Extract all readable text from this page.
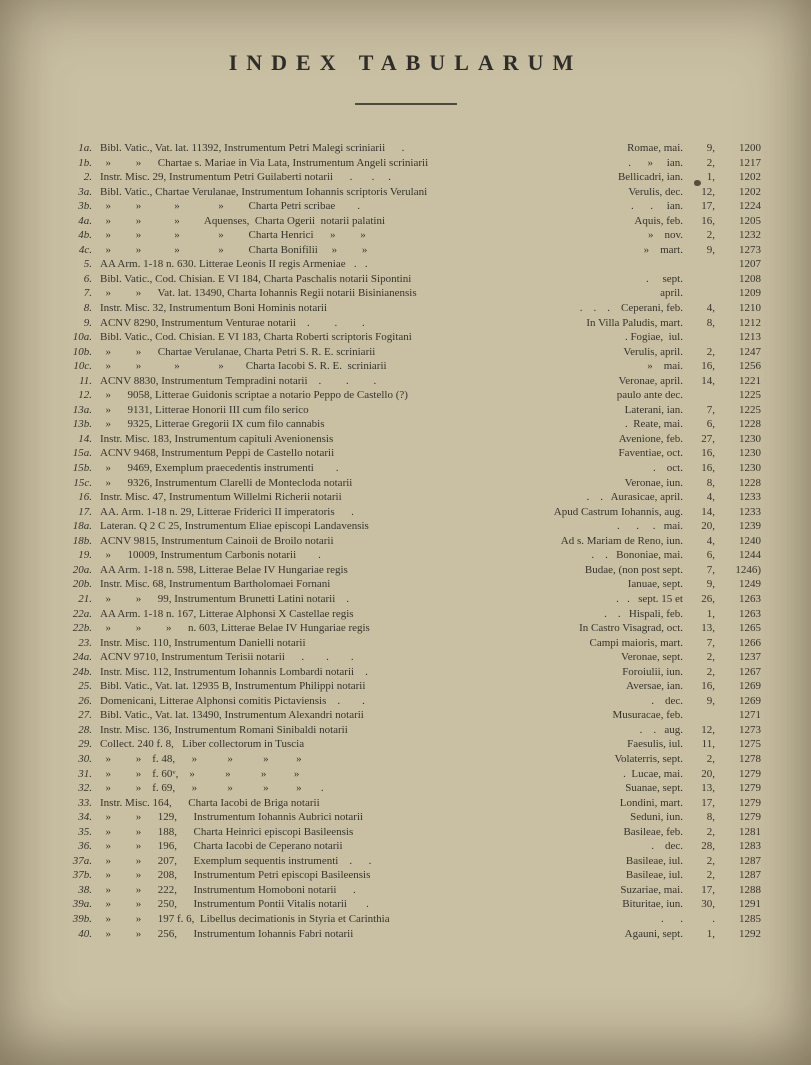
INDEX TABULARUM
1a. Bibl. Vatic., Vat. lat. 11392, Instrumentum Petri Malegi scriniarii      .	Romae, mai.	9,	1200
1b. »         »      Chartae s. Mariae in Via Lata, Instrumentum Angeli scriniarii	.      »     ian.	2,	1217
2. Instr. Misc. 29, Instrumentum Petri Guilaberti notarii      .       .     .	Bellicadri, ian.	1,	1202
3a. Bibl. Vatic., Chartae Verulanae, Instrumentum Iohannis scriptoris Verulani	Verulis, dec.	12,	1202
3b. »         »            »              »         Charta Petri scribae        .	.      .     ian.	17,	1224
4a. »         »            »         Aquenses,  Charta Ogerii  notarii palatini	Aquis, feb.	16,	1205
4b. »         »            »              »         Charta Henrici      »         »	»    nov.	2,	1232
4c. »         »            »              »         Charta Bonifilii     »         »	»    mart.	9,	1273
5. AA Arm. 1-18 n. 630. Litterae Leonis II regis Armeniae   .   .	1207
6. Bibl. Vatic., Cod. Chisian. E VI 184, Charta Paschalis notarii Sipontini	.     sept.	1208
7. »         »      Vat. lat. 13490, Charta Iohannis Regii notarii Bisinianensis	april.	1209
8. Instr. Misc. 32, Instrumentum Boni Hominis notarii	.    .    .    Ceperani, feb.	4,	1210
9. ACNV 8290, Instrumentum Venturae notarii    .         .         .	In Villa Paludis, mart.	8,	1212
10a. Bibl. Vatic., Cod. Chisian. E VI 183, Charta Roberti scriptoris Fogitani	. Fogiae,  iul.	1213
10b. »         »      Chartae Verulanae, Charta Petri S. R. E. scriniarii	Verulis, april.	2,	1247
10c. »         »            »              »        Charta Iacobi S. R. E.  scriniarii	»    mai.	16,	1256
11. ACNV 8830, Instrumentum Tempradini notarii    .         .         .	Veronae, april.	14,	1221
12. »      9058, Litterae Guidonis scriptae a notario Peppo de Castello (?)	paulo ante dec.	1225
13a. »      9131, Litterae Honorii III cum filo serico	Laterani, ian.	7,	1225
13b. »      9325, Litterae Gregorii IX cum filo cannabis	.  Reate, mai.	6,	1228
14. Instr. Misc. 183, Instrumentum capituli Avenionensis	Avenione, feb.	27,	1230
15a. ACNV 9468, Instrumentum Peppi de Castello notarii	Faventiae, oct.	16,	1230
15b. »      9469, Exemplum praecedentis instrumenti        .	.    oct.	16,	1230
15c. »      9326, Instrumentum Clarelli de Montecloda notarii	Veronae, iun.	8,	1228
16. Instr. Misc. 47, Instrumentum Willelmi Richerii notarii	.    .   Aurasicae, april.	4,	1233
17. AA. Arm. 1-18 n. 29, Litterae Friderici II imperatoris      .	Apud Castrum Iohannis, aug.	14,	1233
18a. Lateran. Q 2 C 25, Instrumentum Eliae episcopi Landavensis	.      .     .   mai.	20,	1239
18b. ACNV 9815, Instrumentum Cainoii de Broilo notarii	Ad s. Mariam de Reno, iun.	4,	1240
19. »      10009, Instrumentum Carbonis notarii        .	.    .   Bononiae, mai.	6,	1244
20a. AA Arm. 1-18 n. 598, Litterae Belae IV Hungariae regis	Budae, (non post sept.	7,	1246)
20b. Instr. Misc. 68, Instrumentum Bartholomaei Fornani	Ianuae, sept.	9,	1249
21. »         »      99, Instrumentum Brunetti Latini notarii    .	.   .   sept. 15 et	26,	1263
22a. AA Arm. 1-18 n. 167, Litterae Alphonsi X Castellae regis	.    .   Hispali, feb.	1,	1263
22b. »         »         »      n. 603, Litterae Belae IV Hungariae regis	In Castro Visagrad, oct.	13,	1265
23. Instr. Misc. 110, Instrumentum Danielli notarii	Campi maioris, mart.	7,	1266
24a. ACNV 9710, Instrumentum Terisii notarii      .        .        .	Veronae, sept.	2,	1237
24b. Instr. Misc. 112, Instrumentum Iohannis Lombardi notarii    .	Foroiulii, iun.	2,	1267
25. Bibl. Vatic., Vat. lat. 12935 B, Instrumentum Philippi notarii	Aversae, ian.	16,	1269
26. Domenicani, Litterae Alphonsi comitis Pictaviensis    .        .	.    dec.	9,	1269
27. Bibl. Vatic., Vat. lat. 13490, Instrumentum Alexandri notarii	Musuracae, feb.	1271
28. Instr. Misc. 136, Instrumentum Romani Sinibaldi notarii	.    .   aug.	12,	1273
29. Collect. 240 f. 8,   Liber collectorum in Tuscia	Faesulis, iul.	11,	1275
30. »         »    f. 48,      »           »           »          »	Volaterris, sept.	2,	1278
31. »         »    f. 60ᵛ,    »           »           »          »	.  Lucae, mai.	20,	1279
32. »         »    f. 69,      »           »           »          »       .	Suanae, sept.	13,	1279
33. Instr. Misc. 164,      Charta Iacobi de Briga notarii	Londini, mart.	17,	1279
34. »         »      129,      Instrumentum Iohannis Aubrici notarii	Seduni, iun.	8,	1279
35. »         »      188,      Charta Heinrici episcopi Basileensis	Basileae, feb.	2,	1281
36. »         »      196,      Charta Iacobi de Ceperano notarii	.    dec.	28,	1283
37a. »         »      207,      Exemplum sequentis instrumenti    .      .	Basileae, iul.	2,	1287
37b. »         »      208,      Instrumentum Petri episcopi Basileensis	Basileae, iul.	2,	1287
38. »         »      222,      Instrumentum Homoboni notarii      .	Suzariae, mai.	17,	1288
39a. »         »      250,      Instrumentum Pontii Vitalis notarii       .	Bituritae, iun.	30,	1291
39b. »         »      197 f. 6,  Libellus decimationis in Styria et Carinthia	.      .	.	1285
40. »         »      256,      Instrumentum Iohannis Fabri notarii	Agauni, sept.	1,	1292
